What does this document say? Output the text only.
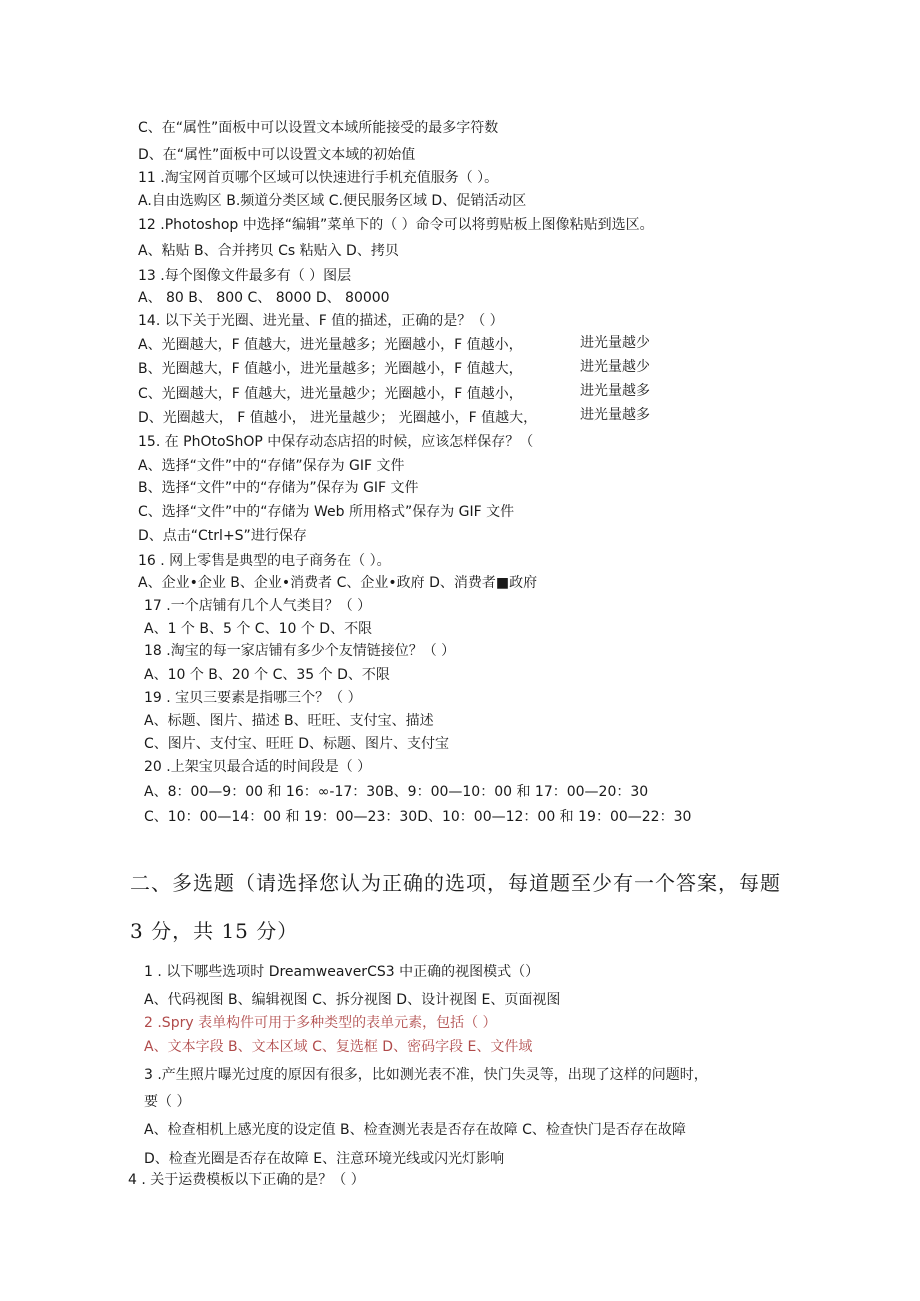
C、在“属性”面板中可以设置文本域所能接受的最多字符数
D、在“属性”面板中可以设置文本域的初始值
11 .淘宝网首页哪个区域可以快速进行手机充值服务（ ）。
A.自由选购区 B.频道分类区域 C.便民服务区域 D、促销活动区
12 .Photoshop 中选择“编辑”菜单下的（ ）命令可以将剪贴板上图像粘贴到选区。
A、粘贴 B、合并拷贝 Cs 粘贴入 D、拷贝
13 .每个图像文件最多有（ ）图层
A、 80 B、 800 C、 8000 D、 80000
14. 以下关于光圈、进光量、F 值的描述，正确的是？（ ）
A、光圈越大，F 值越大，进光量越多；光圈越小，F 值越小，	进光量越少
B、光圈越大，F 值越小，进光量越多；光圈越小，F 值越大，	进光量越少
C、光圈越大，F 值越大，进光量越少；光圈越小，F 值越小，	进光量越多
D、光圈越大， F 值越小， 进光量越少； 光圈越小，F 值越大，	进光量越多
15. 在 PhOtoShOP 中保存动态店招的时候，应该怎样保存？（
A、选择“文件”中的“存储”保存为 GIF 文件
B、选择“文件”中的“存储为”保存为 GIF 文件
C、选择“文件”中的“存储为 Web 所用格式”保存为 GIF 文件
D、点击“Ctrl+S”进行保存
16 . 网上零售是典型的电子商务在（ ）。
A、企业•企业 B、企业•消费者 C、企业•政府 D、消费者■政府
17 .一个店铺有几个人气类目？（ ）
A、1 个 B、5 个 C、10 个 D、不限
18 .淘宝的每一家店铺有多少个友情链接位？（ ）
A、10 个 B、20 个 C、35 个 D、不限
19 . 宝贝三要素是指哪三个？（ ）
A、标题、图片、描述 B、旺旺、支付宝、描述
C、图片、支付宝、旺旺 D、标题、图片、支付宝
20 .上架宝贝最合适的时间段是（ ）
A、8：00—9：00 和 16：∞-17：30B、9：00—10：00 和 17：00—20：30
C、10：00—14：00 和 19：00—23：30D、10：00—12：00 和 19：00—22：30
二、多选题（请选择您认为正确的选项，每道题至少有一个答案，每题
3 分，共 15 分）
1 . 以下哪些选项时 DreamweaverCS3 中正确的视图模式（）
A、代码视图 B、编辑视图 C、拆分视图 D、设计视图 E、页面视图
2 .Spry 表单构件可用于多种类型的表单元素，包括（ ）
A、文本字段 B、文本区域 C、复选框 D、密码字段 E、文件域
3 .产生照片曝光过度的原因有很多，比如测光表不准，快门失灵等，出现了这样的问题时，
要（ ）
A、检查相机上感光度的设定值 B、检查测光表是否存在故障 C、检查快门是否存在故障
D、检查光圈是否存在故障 E、注意环境光线或闪光灯影响
4 . 关于运费模板以下正确的是？（ ）
